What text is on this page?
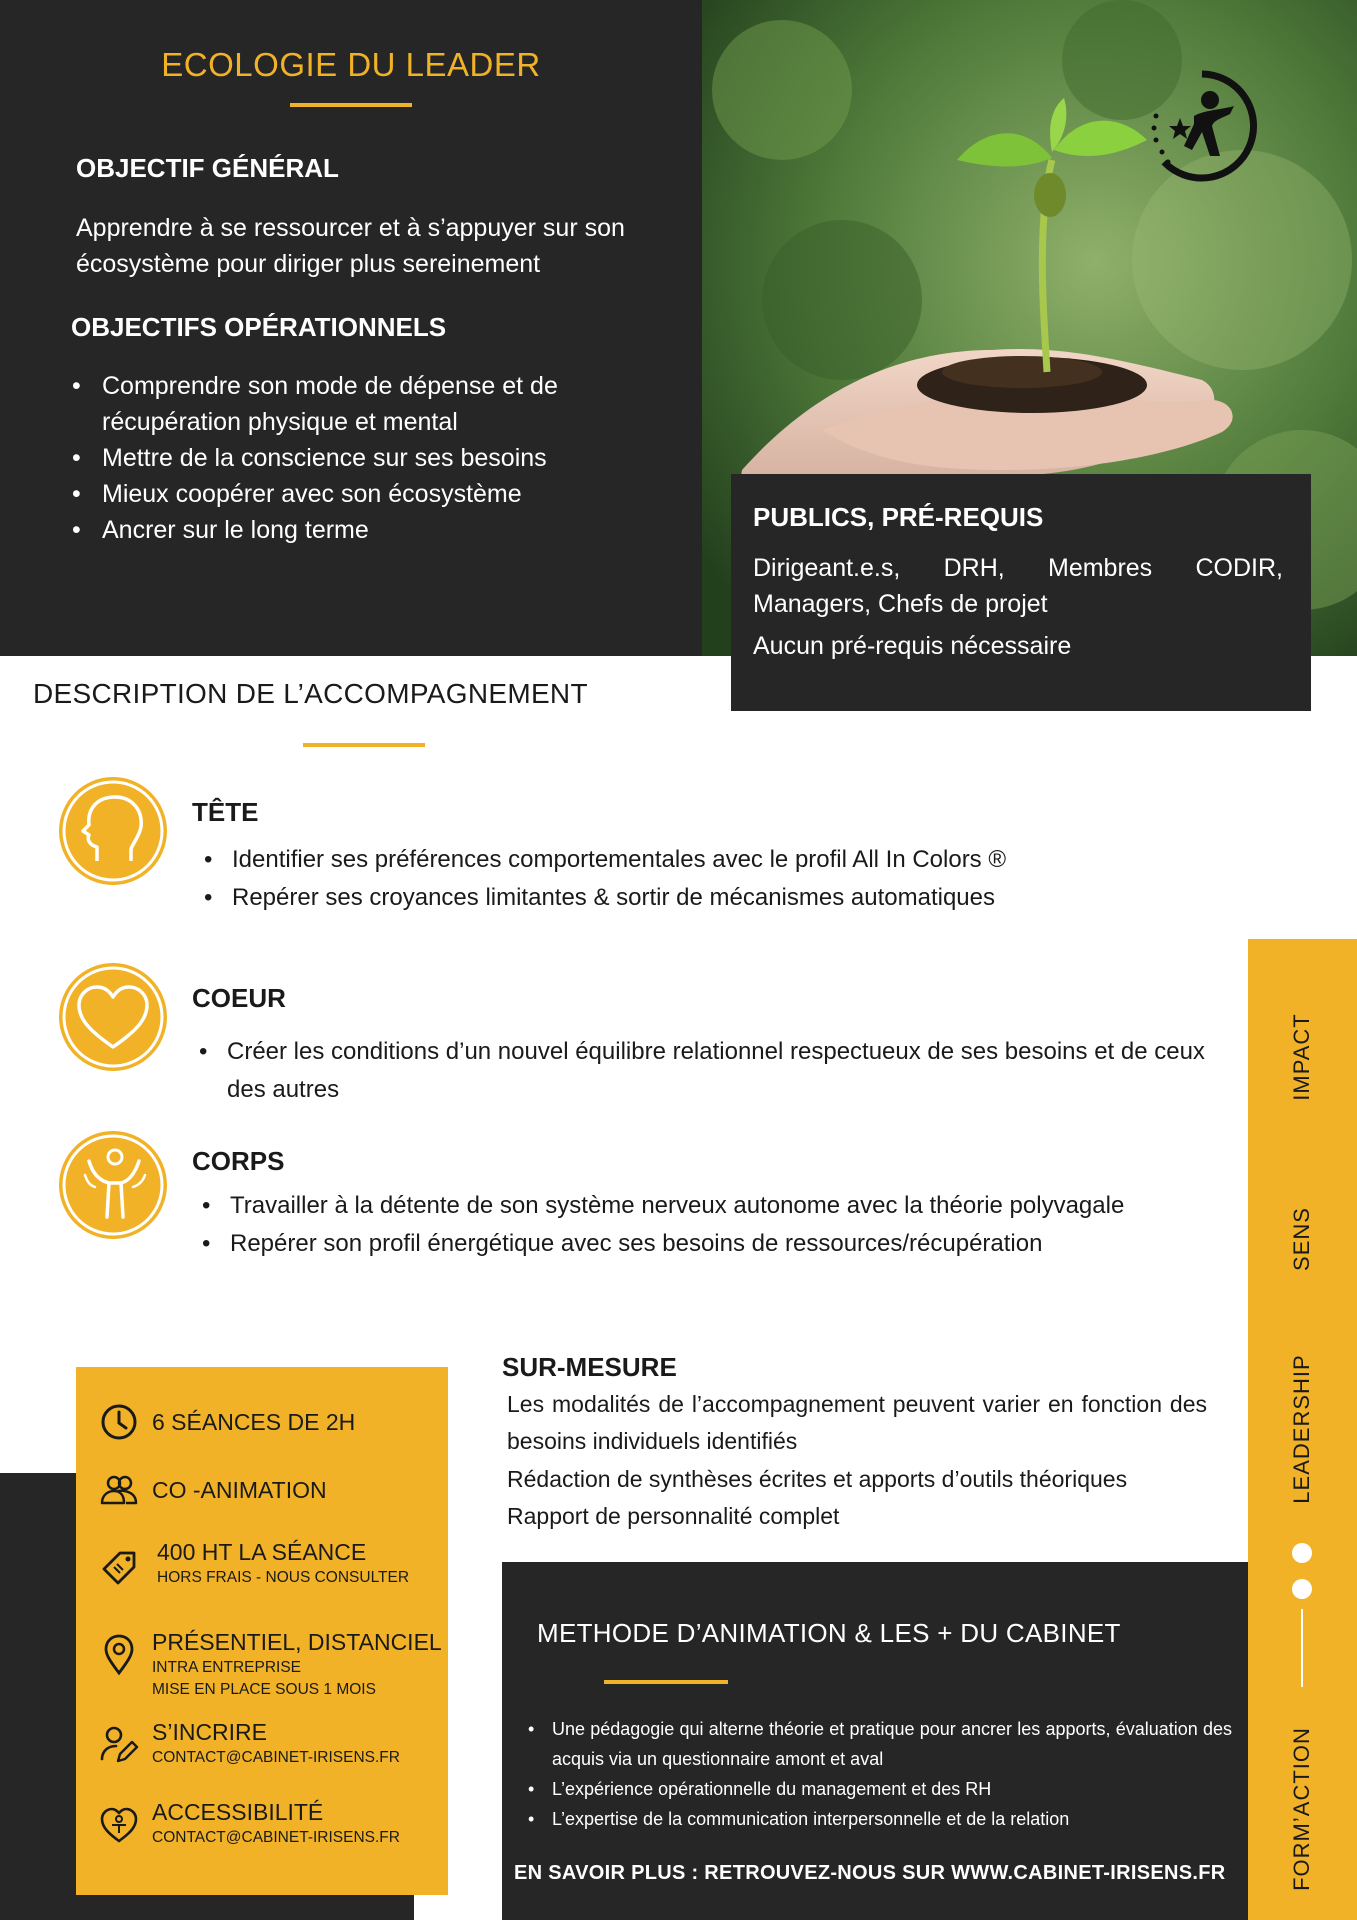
ECOLOGIE DU LEADER
OBJECTIF GÉNÉRAL
Apprendre à se ressourcer et à s’appuyer sur son écosystème pour diriger plus sereinement
OBJECTIFS OPÉRATIONNELS
• Comprendre son mode de dépense et de récupération physique et mental
• Mettre de la conscience sur ses besoins
• Mieux coopérer avec son écosystème
• Ancrer sur le long terme	PUBLICS, PRÉ-REQUIS
Dirigeant.e.s, DRH, Membres CODIR, Managers, Chefs de projet
Aucun pré-requis nécessaire
DESCRIPTION DE L’ACCOMPAGNEMENT
TÊTE
• Identifier ses préférences comportementales avec le profil All In Colors ®
• Repérer ses croyances limitantes & sortir de mécanismes automatiques
COEUR
• Créer les conditions d’un nouvel équilibre relationnel respectueux de ses besoins et de ceux des autres
CORPS
• Travailler à la détente de son système nerveux autonome avec la théorie polyvagale
• Repérer son profil énergétique avec ses besoins de ressources/récupération
IMPACT
SENS
LEADERSHIP
FORM’ACTION
6 SÉANCES DE 2H
CO -ANIMATION
400 HT LA SÉANCE
HORS FRAIS - NOUS CONSULTER
PRÉSENTIEL, DISTANCIEL
INTRA ENTREPRISE
MISE EN PLACE SOUS 1 MOIS
S’INCRIRE
CONTACT@CABINET-IRISENS.FR
ACCESSIBILITÉ
CONTACT@CABINET-IRISENS.FR
SUR-MESURE
Les modalités de l’accompagnement peuvent varier en fonction des besoins individuels identifiés
Rédaction de synthèses écrites et apports d’outils théoriques
Rapport de personnalité complet
METHODE D’ANIMATION & LES + DU CABINET
• Une pédagogie qui alterne théorie et pratique pour ancrer les apports, évaluation des acquis via un questionnaire amont et aval
• L’expérience opérationnelle du management et des RH
• L’expertise de la communication interpersonnelle et de la relation
EN SAVOIR PLUS : RETROUVEZ-NOUS SUR WWW.CABINET-IRISENS.FR
